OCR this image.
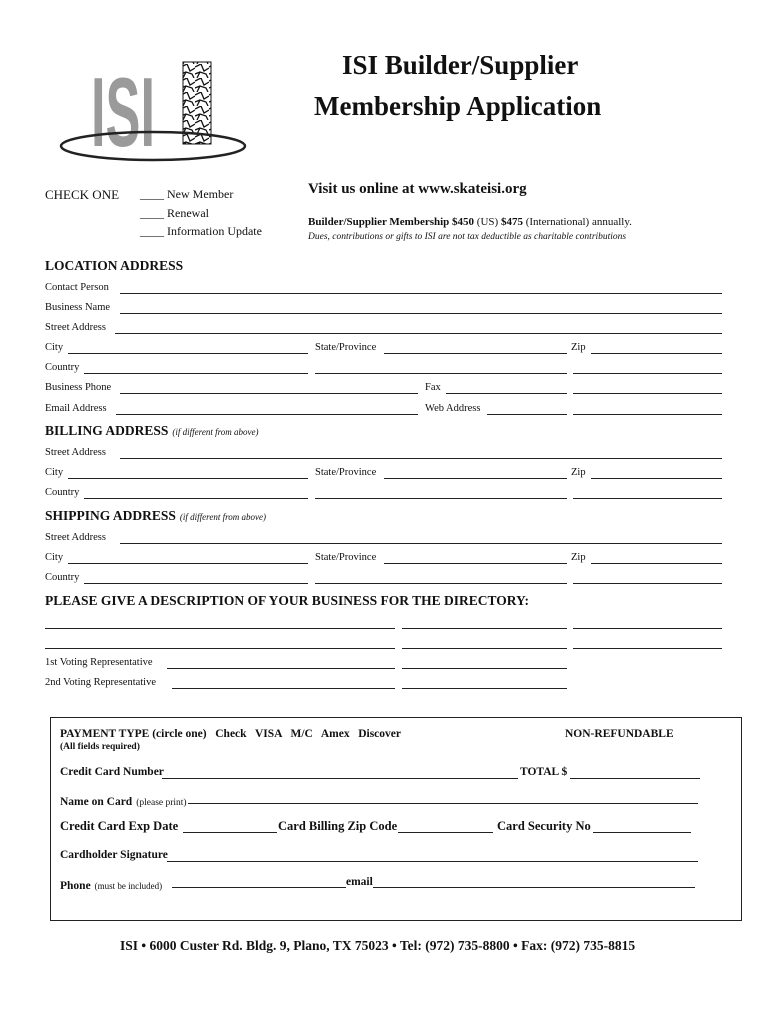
ISI	ISI Builder/Supplier
Membership Application
Visit us online at www.skateisi.org
Builder/Supplier Membership $450 (US) $475 (International) annually.
Dues, contributions or gifts to ISI are not tax deductible as charitable contributions
CHECK ONE ____ New Member
____ Renewal
____ Information Update
LOCATION ADDRESS
Contact Person
Business Name
Street Address
City	State/Province	Zip
Country
Business Phone	Fax
Email Address	Web Address
BILLING ADDRESS (if different from above)
Street Address
City	State/Province	Zip
Country
SHIPPING ADDRESS (if different from above)
Street Address
City	State/Province	Zip
Country
PLEASE GIVE A DESCRIPTION OF YOUR BUSINESS FOR THE DIRECTORY:
1st Voting Representative
2nd Voting Representative
PAYMENT TYPE (circle one) Check VISA M/C Amex Discover	NON-REFUNDABLE
(All fields required)
Credit Card Number	TOTAL $
Name on Card (please print)
Credit Card Exp Date	Card Billing Zip Code	Card Security No
Cardholder Signature
Phone (must be included)	email
ISI • 6000 Custer Rd. Bldg. 9, Plano, TX 75023 • Tel: (972) 735-8800 • Fax: (972) 735-8815
